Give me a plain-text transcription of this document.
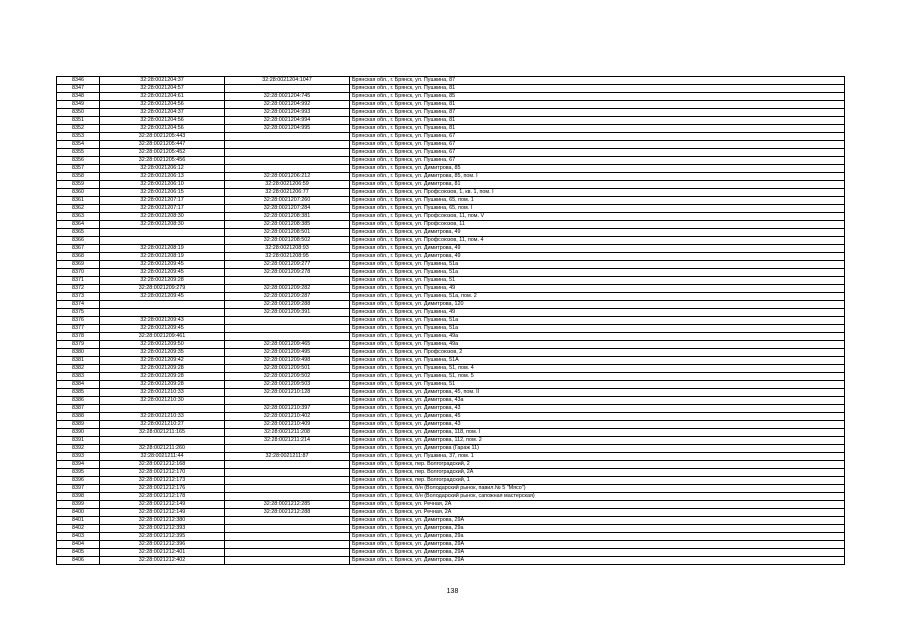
8346	32:28:0021204:37	32:28:0021204:1047	Брянская обл., г. Брянск, ул. Пушкина, 87
8347	32:28:0021204:57		Брянская обл., г. Брянск, ул. Пушкина, 81
8348	32:28:0021204:61	32:28:0021204:745	Брянская обл., г. Брянск, ул. Пушкина, 85
8349	32:28:0021204:56	32:28:0021204:992	Брянская обл., г. Брянск, ул. Пушкина, 81
8350	32:28:0021204:37	32:28:0021204:993	Брянская обл., г. Брянск, ул. Пушкина, 87
8351	32:28:0021204:56	32:28:0021204:994	Брянская обл., г. Брянск, ул. Пушкина, 81
8352	32:28:0021204:56	32:28:0021204:995	Брянская обл., г. Брянск, ул. Пушкина, 81
8353	32:28:0021205:443		Брянская обл., г. Брянск, ул. Пушкина, 67
8354	32:28:0021205:447		Брянская обл., г. Брянск, ул. Пушкина, 67
8355	32:28:0021205:452		Брянская обл., г. Брянск, ул. Пушкина, 67
8356	32:28:0021205:456		Брянская обл., г. Брянск, ул. Пушкина, 67
8357	32:28:0021206:12		Брянская обл., г. Брянск, ул. Димитрова, 85
8358	32:28:0021206:13	32:28:0021206:212	Брянская обл., г. Брянск, ул. Димитрова, 85, пом. I
8359	32:28:0021206:10	32:28:0021206:59	Брянская обл., г. Брянск, ул. Димитрова, 81
8360	32:28:0021206:15	32:28:0021206:77	Брянская обл., г. Брянск, ул. Профсоюзов, 1, кв. 1, пом. I
8361	32:28:0021207:17	32:28:0021207:260	Брянская обл., г. Брянск, ул. Пушкина, 65, пом. 1
8362	32:28:0021207:17	32:28:0021207:284	Брянская обл., г. Брянск, ул. Пушкина, 65, пом. I
8363	32:28:0021208:30	32:28:0021208:381	Брянская обл., г. Брянск, ул. Профсоюзов, 11, пом. V
8364	32:28:0021208:30	32:28:0021208:385	Брянская обл., г. Брянск, ул. Профсоюзов, 11
8365		32:28:0021208:501	Брянская обл., г. Брянск, ул. Димитрова, 49
8366		32:28:0021208:502	Брянская обл., г. Брянск, ул. Профсоюзов, 11, пом. 4
8367	32:28:0021208:19	32:28:0021208:93	Брянская обл., г. Брянск, ул. Димитрова, 49
8368	32:28:0021208:19	32:28:0021208:95	Брянская обл., г. Брянск, ул. Димитрова, 49
8369	32:28:0021209:45	32:28:0021209:277	Брянская обл., г. Брянск, ул. Пушкина, 51а
8370	32:28:0021209:45	32:28:0021209:278	Брянская обл., г. Брянск, ул. Пушкина, 51а
8371	32:28:0021209:28		Брянская обл., г. Брянск, ул. Пушкина, 51
8372	32:28:0021209:279	32:28:0021209:282	Брянская обл., г. Брянск, ул. Пушкина, 49
8373	32:28:0021209:45	32:28:0021209:287	Брянская обл., г. Брянск, ул. Пушкина, 51а, пом. 2
8374		32:28:0021209:288	Брянская обл., г. Брянск, ул. Димитрова, 120
8375		32:28:0021209:391	Брянская обл., г. Брянск, ул. Пушкина, 49
8376	32:28:0021209:43		Брянская обл., г. Брянск, ул. Пушкина, 51а
8377	32:28:0021209:45		Брянская обл., г. Брянск, ул. Пушкина, 51а
8378	32:28:0021209:461		Брянская обл., г. Брянск, ул. Пушкина, 49а
8379	32:28:0021209:50	32:28:0021209:465	Брянская обл., г. Брянск, ул. Пушкина, 49а
8380	32:28:0021209:35	32:28:0021209:495	Брянская обл., г. Брянск, ул. Профсоюзов, 2
8381	32:28:0021209:42	32:28:0021209:498	Брянская обл., г. Брянск, ул. Пушкина, 51А
8382	32:28:0021209:28	32:28:0021209:501	Брянская обл., г. Брянск, ул. Пушкина, 51, пом. 4
8383	32:28:0021209:28	32:28:0021209:502	Брянская обл., г. Брянск, ул. Пушкина, 51, пом. 5
8384	32:28:0021209:28	32:28:0021209:503	Брянская обл., г. Брянск, ул. Пушкина, 51
8385	32:28:0021210:33	32:28:0021210:128	Брянская обл., г. Брянск, ул. Димитрова, 45, пом. II
8386	32:28:0021210:30		Брянская обл., г. Брянск, ул. Димитрова, 43а
8387		32:28:0021210:397	Брянская обл., г. Брянск, ул. Димитрова, 43
8388	32:28:0021210:33	32:28:0021210:402	Брянская обл., г. Брянск, ул. Димитрова, 45
8389	32:28:0021210:27	32:28:0021210:409	Брянская обл., г. Брянск, ул. Димитрова, 43
8390	32:28:0021211:165	32:28:0021211:208	Брянская обл., г. Брянск, ул. Димитрова, 118, пом. I
8391		32:28:0021211:214	Брянская обл., г. Брянск, ул. Димитрова, 112, пом. 2
8392	32:28:0021211:260		Брянская обл., г. Брянск, ул. Димитрова (Гараж 11)
8393	32:28:0021211:44	32:28:0021211:87	Брянская обл., г. Брянск, ул. Пушкина, 37, пом. 1
8394	32:28:0021212:168		Брянская обл., г. Брянск, пер. Волгоградский, 2
8395	32:28:0021212:170		Брянская обл., г. Брянск, пер. Волгоградский, 2А
8396	32:28:0021212:173		Брянская обл., г. Брянск, пер. Волгоградский, 1
8397	32:28:0021212:176		Брянская обл., г. Брянск, б/н (Володарский рынок, павил.№ 5 "Мясо")
8398	32:28:0021212:178		Брянская обл., г. Брянск, б/н (Володарский рынок, сапожная мастерская)
8399	32:28:0021212:149	32:28:0021212:285	Брянская обл., г. Брянск, ул. Речная, 2А
8400	32:28:0021212:149	32:28:0021212:288	Брянская обл., г. Брянск, ул. Речная, 2А
8401	32:28:0021212:380		Брянская обл., г. Брянск, ул. Димитрова, 29А
8402	32:28:0021212:393		Брянская обл., г. Брянск, ул. Димитрова, 29а
8403	32:28:0021212:395		Брянская обл., г. Брянск, ул. Димитрова, 29а
8404	32:28:0021212:396		Брянская обл., г. Брянск, ул. Димитрова, 29А
8405	32:28:0021212:401		Брянская обл., г. Брянск, ул. Димитрова, 29А
8406	32:28:0021212:402		Брянская обл., г. Брянск, ул. Димитрова, 29А
138
